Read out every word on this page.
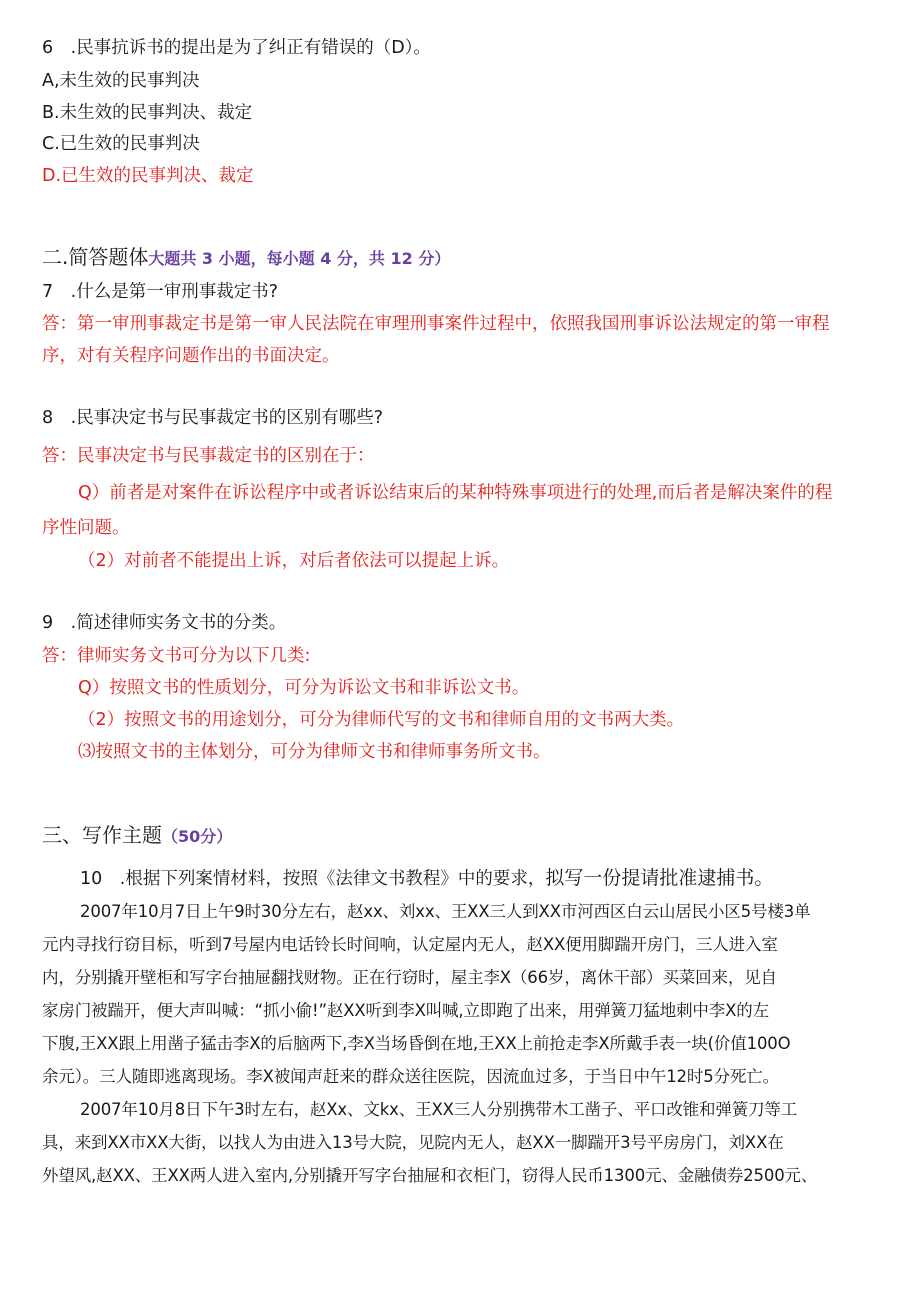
6　.民事抗诉书的提出是为了纠正有错误的（D）。
A,未生效的民事判决
B.未生效的民事判决、裁定
C.已生效的民事判决
D.已生效的民事判决、裁定
二.简答题体大题共 3 小题，每小题 4 分，共 12 分）
7　.什么是第一审刑事裁定书?
答：第一审刑事裁定书是第一审人民法院在审理刑事案件过程中，依照我国刑事诉讼法规定的第一审程
序，对有关程序问题作出的书面决定。
8　.民事决定书与民事裁定书的区别有哪些?
答：民事决定书与民事裁定书的区别在于：
Q）前者是对案件在诉讼程序中或者诉讼结束后的某种特殊事项进行的处理,而后者是解决案件的程
序性问题。
（2）对前者不能提出上诉，对后者依法可以提起上诉。
9　.简述律师实务文书的分类。
答：律师实务文书可分为以下几类:
Q）按照文书的性质划分，可分为诉讼文书和非诉讼文书。
（2）按照文书的用途划分，可分为律师代写的文书和律师自用的文书两大类。
⑶按照文书的主体划分，可分为律师文书和律师事务所文书。
三、写作主题（50分）
10　.根据下列案情材料，按照《法律文书教程》中的要求，拟写一份提请批准逮捕书。
2007年10月7日上午9时30分左右，赵xx、刘xx、王XX三人到XX市河西区白云山居民小区5号楼3单
元内寻找行窃目标，听到7号屋内电话铃长时间响，认定屋内无人，赵XX便用脚踹开房门，三人进入室
内，分别撬开壁柜和写字台抽屉翻找财物。正在行窃时，屋主李X（66岁，离休干部）买菜回来，见自
家房门被踹开，便大声叫喊：“抓小偷!”赵XX听到李X叫喊,立即跑了出来，用弹簧刀猛地刺中李X的左
下腹,王XX跟上用凿子猛击李X的后脑两下,李X当场昏倒在地,王XX上前抢走李X所戴手表一块(价值100O
余元）。三人随即逃离现场。李X被闻声赶来的群众送往医院，因流血过多，于当日中午12时5分死亡。
2007年10月8日下午3时左右，赵Xx、文kx、王XX三人分别携带木工凿子、平口改锥和弹簧刀等工
具，来到XX市XX大街，以找人为由进入13号大院，见院内无人，赵XX一脚踹开3号平房房门，刘XX在
外望风,赵XX、王XX两人进入室内,分别撬开写字台抽屉和衣柜门，窃得人民币1300元、金融债券2500元、
